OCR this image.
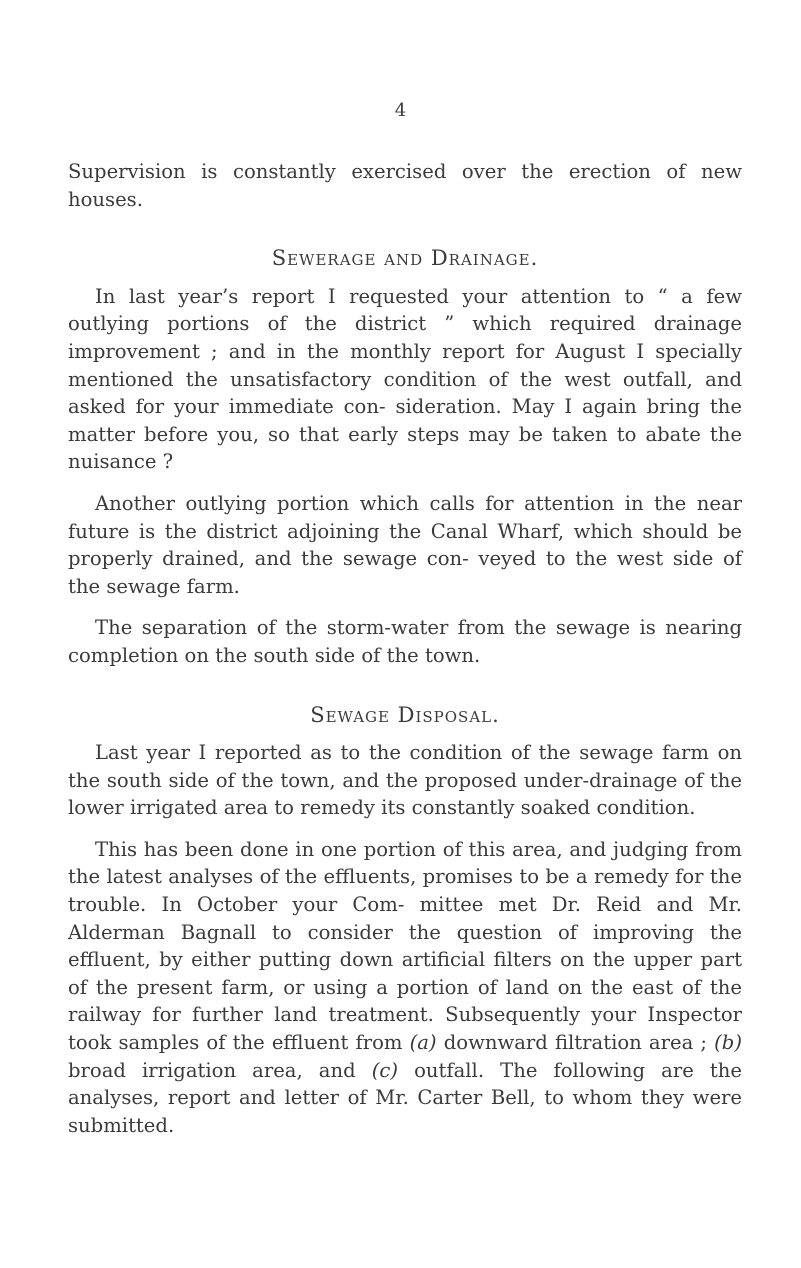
4

Supervision is constantly exercised over the erection of new houses.

Sewerage and Drainage.

In last year’s report I requested your attention to “ a few outlying portions of the district ” which required drainage improvement ; and in the monthly report for August I specially mentioned the unsatisfactory condition of the west outfall, and asked for your immediate con- sideration. May I again bring the matter before you, so that early steps may be taken to abate the nuisance ?

Another outlying portion which calls for attention in the near future is the district adjoining the Canal Wharf, which should be properly drained, and the sewage con- veyed to the west side of the sewage farm.

The separation of the storm-water from the sewage is nearing completion on the south side of the town.

Sewage Disposal.

Last year I reported as to the condition of the sewage farm on the south side of the town, and the proposed under-drainage of the lower irrigated area to remedy its constantly soaked condition.

This has been done in one portion of this area, and judging from the latest analyses of the effluents, promises to be a remedy for the trouble. In October your Com- mittee met Dr. Reid and Mr. Alderman Bagnall to consider the question of improving the effluent, by either putting down artificial filters on the upper part of the present farm, or using a portion of land on the east of the railway for further land treatment. Subsequently your Inspector took samples of the effluent from (a) downward filtration area ; (b) broad irrigation area, and (c) outfall. The following are the analyses, report and letter of Mr. Carter Bell, to whom they were submitted.
